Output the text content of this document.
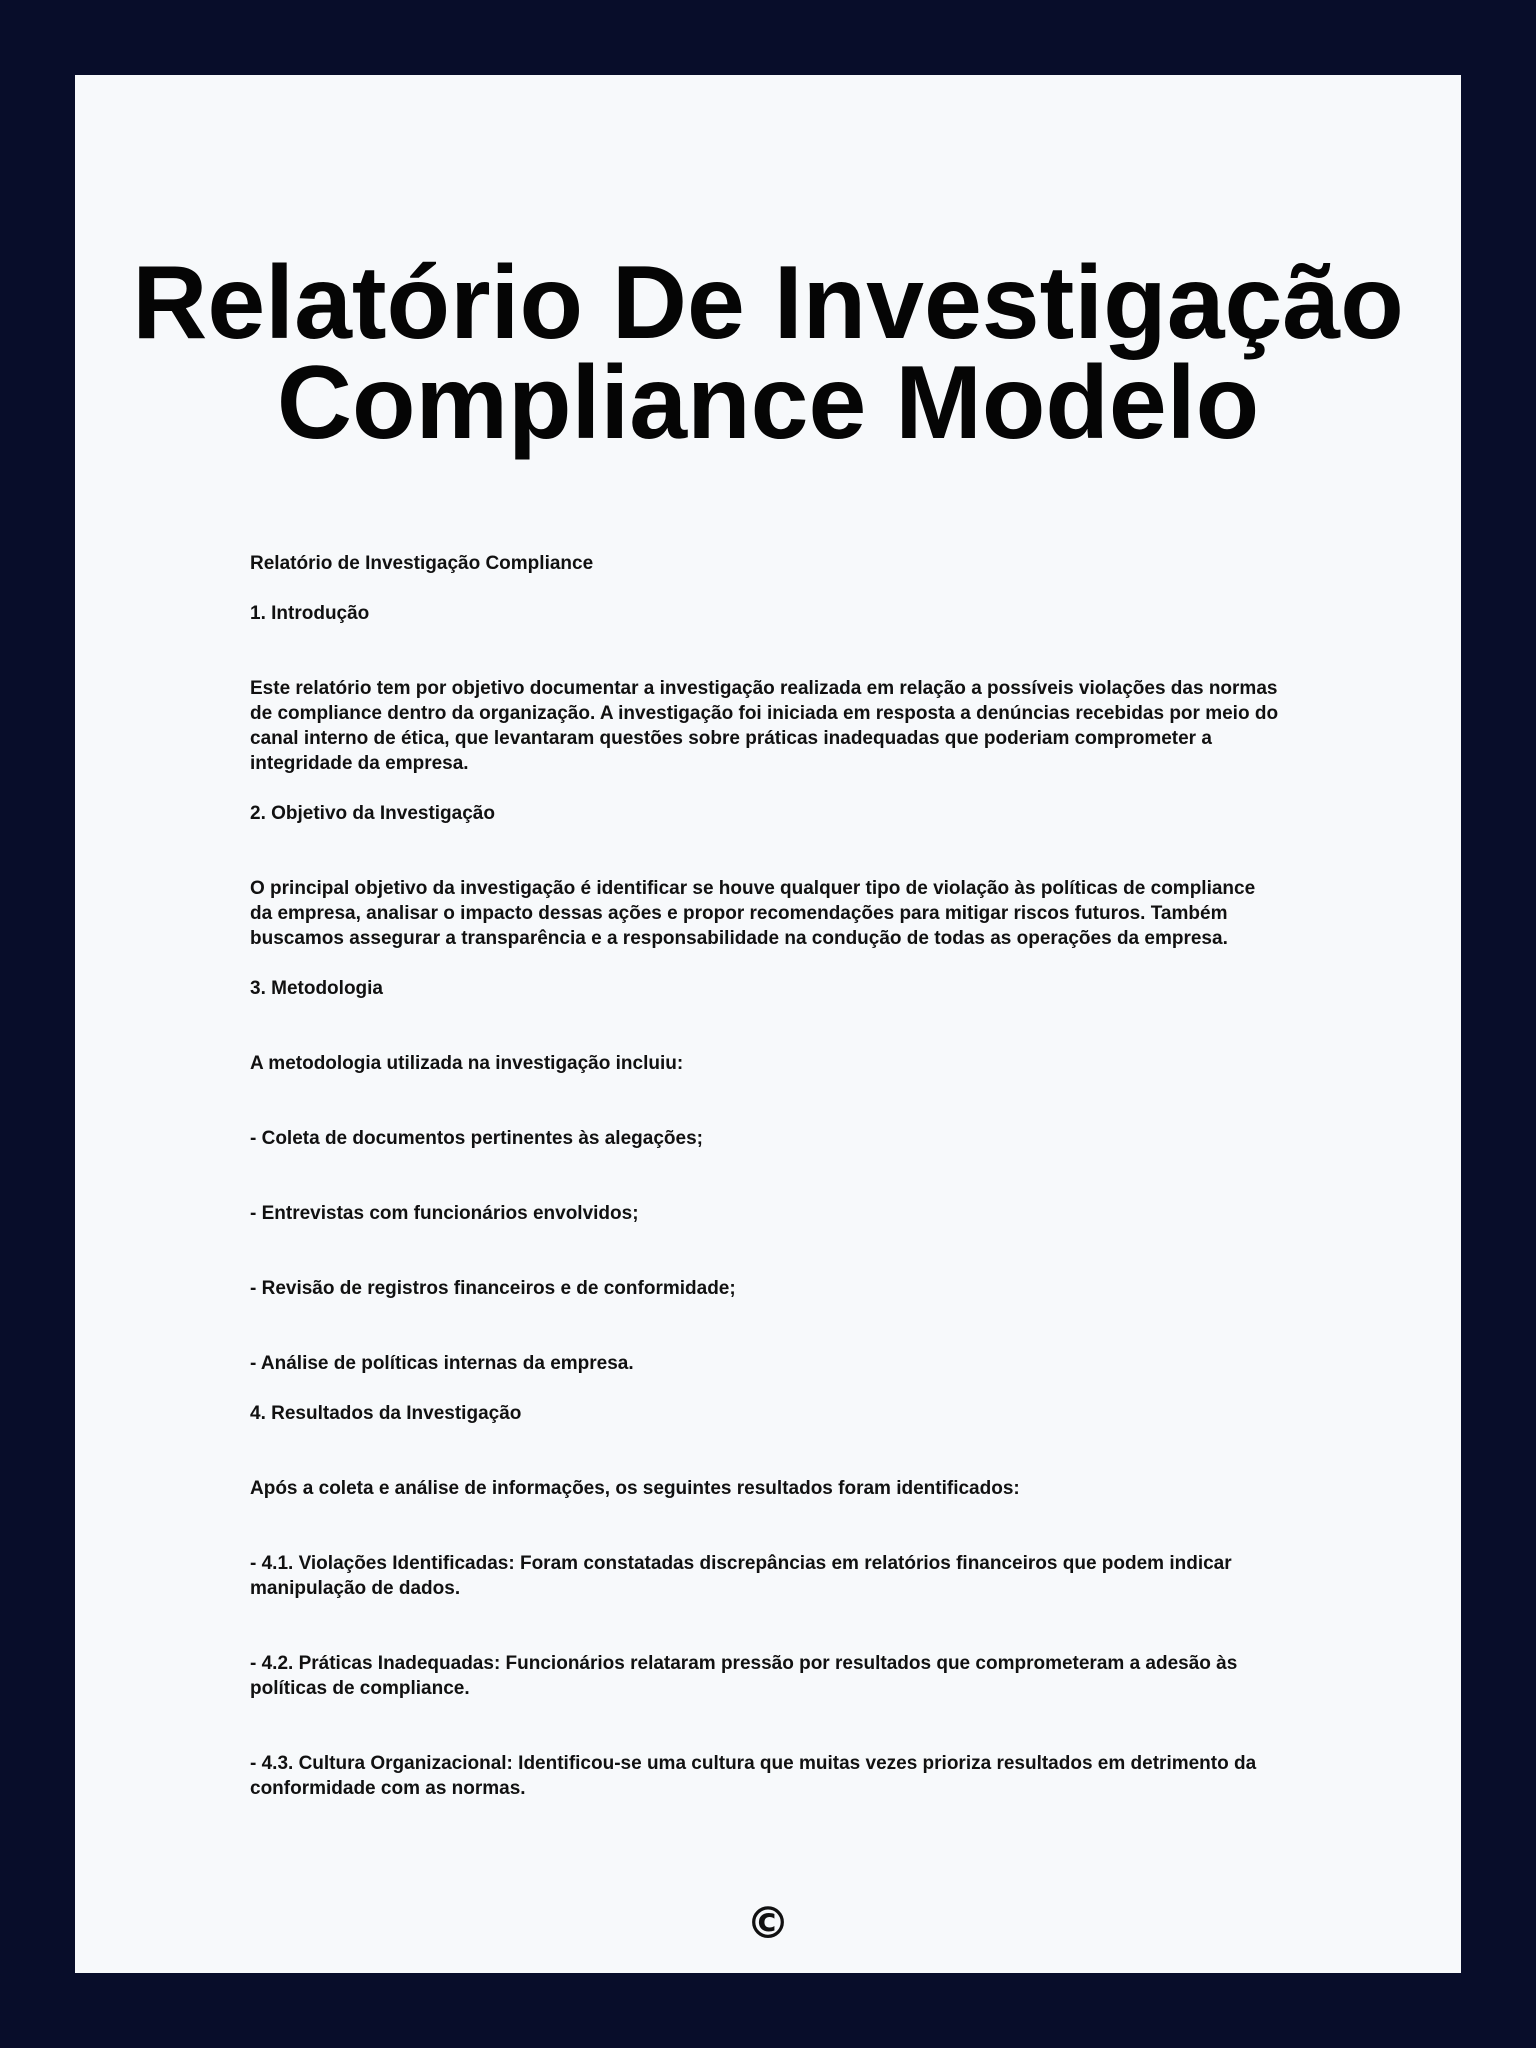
Relatório De Investigação
Compliance Modelo

Relatório de Investigação Compliance

1. Introdução

Este relatório tem por objetivo documentar a investigação realizada em relação a possíveis violações das normas de compliance dentro da organização. A investigação foi iniciada em resposta a denúncias recebidas por meio do canal interno de ética, que levantaram questões sobre práticas inadequadas que poderiam comprometer a integridade da empresa.

2. Objetivo da Investigação

O principal objetivo da investigação é identificar se houve qualquer tipo de violação às políticas de compliance da empresa, analisar o impacto dessas ações e propor recomendações para mitigar riscos futuros. Também buscamos assegurar a transparência e a responsabilidade na condução de todas as operações da empresa.

3. Metodologia

A metodologia utilizada na investigação incluiu:

- Coleta de documentos pertinentes às alegações;

- Entrevistas com funcionários envolvidos;

- Revisão de registros financeiros e de conformidade;

- Análise de políticas internas da empresa.

4. Resultados da Investigação

Após a coleta e análise de informações, os seguintes resultados foram identificados:

- 4.1. Violações Identificadas: Foram constatadas discrepâncias em relatórios financeiros que podem indicar manipulação de dados.

- 4.2. Práticas Inadequadas: Funcionários relataram pressão por resultados que comprometeram a adesão às políticas de compliance.

- 4.3. Cultura Organizacional: Identificou-se uma cultura que muitas vezes prioriza resultados em detrimento da conformidade com as normas.

©
